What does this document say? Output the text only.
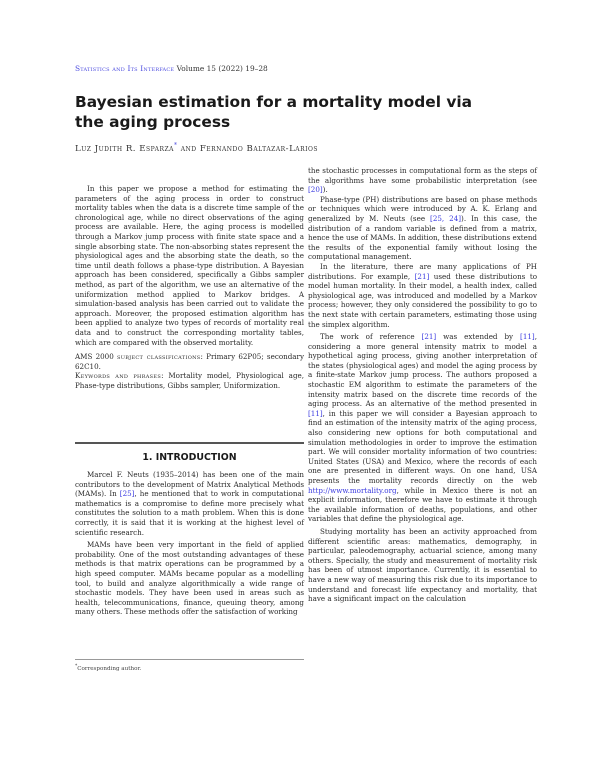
Statistics and Its Interface Volume 15 (2022) 19–28
Bayesian estimation for a mortality model via the aging process
Luz Judith R. Esparza* and Fernando Baltazar-Larios

In this paper we propose a method for estimating the parameters of the aging process in order to construct mortality tables when the data is a discrete time sample of the chronological age, while no direct observations of the aging process are available. Here, the aging process is modelled through a Markov jump process with finite state space and a single absorbing state. The non-absorbing states represent the physiological ages and the absorbing state the death, so the time until death follows a phase-type distribution. A Bayesian approach has been considered, specifically a Gibbs sampler method, as part of the algorithm, we use an alternative of the uniformization method applied to Markov bridges. A simulation-based analysis has been carried out to validate the approach. Moreover, the proposed estimation algorithm has been applied to analyze two types of records of mortality real data and to construct the corresponding mortality tables, which are compared with the observed mortality.

AMS 2000 subject classifications: Primary 62P05; secondary 62C10.

Keywords and phrases: Mortality model, Physiological age, Phase-type distributions, Gibbs sampler, Uniformization.

1. INTRODUCTION

Marcel F. Neuts (1935–2014) has been one of the main contributors to the development of Matrix Analytical Methods (MAMs). In [25], he mentioned that to work in computational mathematics is a compromise to define more precisely what constitutes the solution to a math problem. When this is done correctly, it is said that it is working at the highest level of scientific research.

MAMs have been very important in the field of applied probability. One of the most outstanding advantages of these methods is that matrix operations can be programmed by a high speed computer. MAMs became popular as a modelling tool, to build and analyze algorithmically a wide range of stochastic models. They have been used in areas such as health, telecommunications, finance, queuing theory, among many others. These methods offer the satisfaction of working

*Corresponding author.

the stochastic processes in computational form as the steps of the algorithms have some probabilistic interpretation (see [20]).

Phase-type (PH) distributions are based on phase methods or techniques which were introduced by A. K. Erlang and generalized by M. Neuts (see [25, 24]). In this case, the distribution of a random variable is defined from a matrix, hence the use of MAMs. In addition, these distributions extend the results of the exponential family without losing the computational management.

In the literature, there are many applications of PH distributions. For example, [21] used these distributions to model human mortality. In their model, a health index, called physiological age, was introduced and modelled by a Markov process; however, they only considered the possibility to go to the next state with certain parameters, estimating those using the simplex algorithm.

The work of reference [21] was extended by [11], considering a more general intensity matrix to model a hypothetical aging process, giving another interpretation of the states (physiological ages) and model the aging process by a finite-state Markov jump process. The authors proposed a stochastic EM algorithm to estimate the parameters of the intensity matrix based on the discrete time records of the aging process. As an alternative of the method presented in [11], in this paper we will consider a Bayesian approach to find an estimation of the intensity matrix of the aging process, also considering new options for both computational and simulation methodologies in order to improve the estimation part. We will consider mortality information of two countries: United States (USA) and Mexico, where the records of each one are presented in different ways. On one hand, USA presents the mortality records directly on the web http://www.mortality.org, while in Mexico there is not an explicit information, therefore we have to estimate it through the available information of deaths, populations, and other variables that define the physiological age.

Studying mortality has been an activity approached from different scientific areas: mathematics, demography, in particular, paleodemography, actuarial science, among many others. Specially, the study and measurement of mortality risk has been of utmost importance. Currently, it is essential to have a new way of measuring this risk due to its importance to understand and forecast life expectancy and mortality, that have a significant impact on the calculation
